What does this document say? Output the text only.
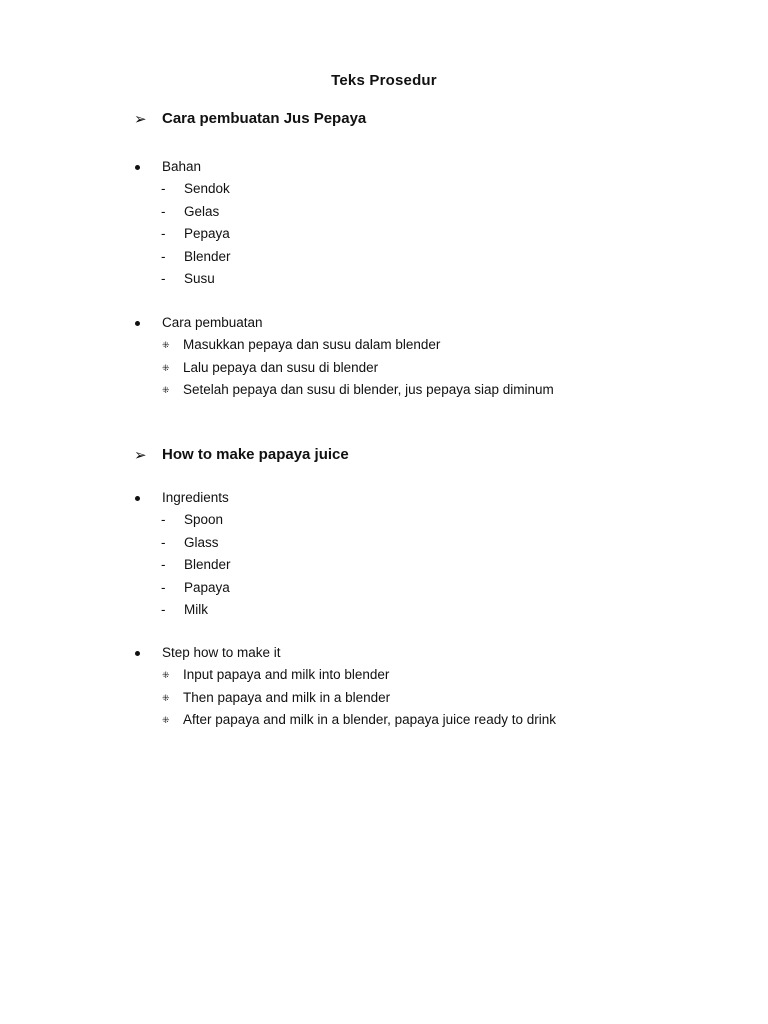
Teks Prosedur
➢ Cara pembuatan Jus Pepaya
Bahan
- Sendok
- Gelas
- Pepaya
- Blender
- Susu
Cara pembuatan
⁜ Masukkan pepaya dan susu dalam blender
⁜ Lalu pepaya dan susu di blender
⁜ Setelah pepaya dan susu di blender, jus pepaya siap diminum
➢ How to make papaya juice
Ingredients
- Spoon
- Glass
- Blender
- Papaya
- Milk
Step how to make it
⁜ Input papaya and milk into blender
⁜ Then papaya and milk in a blender
⁜ After papaya and milk in a blender, papaya juice ready to drink
